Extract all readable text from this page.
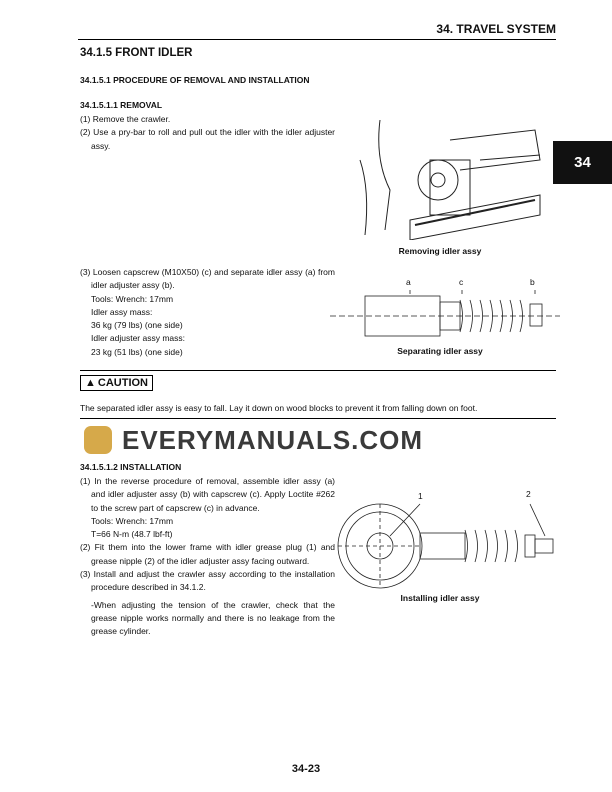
34. TRAVEL SYSTEM
34
34.1.5 FRONT IDLER
34.1.5.1 PROCEDURE OF REMOVAL AND INSTALLATION
34.1.5.1.1 REMOVAL
(1) Remove the crawler.
(2) Use a pry-bar to roll and pull out the idler with the idler adjuster assy.
Removing idler assy
(3) Loosen capscrew (M10X50) (c) and separate idler assy (a) from idler adjuster assy (b).
Tools: Wrench: 17mm
Idler assy mass:
36 kg (79 lbs) (one side)
Idler adjuster assy mass:
23 kg (51 lbs) (one side)
a	c	b
Separating idler assy
▲ CAUTION
The separated idler assy is easy to fall. Lay it down on wood blocks to prevent it from falling down on foot.
EVERYMANUALS.COM
34.1.5.1.2 INSTALLATION
(1) In the reverse procedure of removal, assemble idler assy (a) and idler adjuster assy (b) with capscrew (c). Apply Loctite #262 to the screw part of capscrew (c) in advance.
Tools: Wrench: 17mm
T=66 N-m (48.7 lbf-ft)
(2) Fit them into the lower frame with idler grease plug (1) and grease nipple (2) of the idler adjuster assy facing outward.
(3) Install and adjust the crawler assy according to the installation procedure described in 34.1.2.
-When adjusting the tension of the crawler, check that the grease nipple works normally and there is no leakage from the grease cylinder.
1	2
Installing idler assy
34-23
